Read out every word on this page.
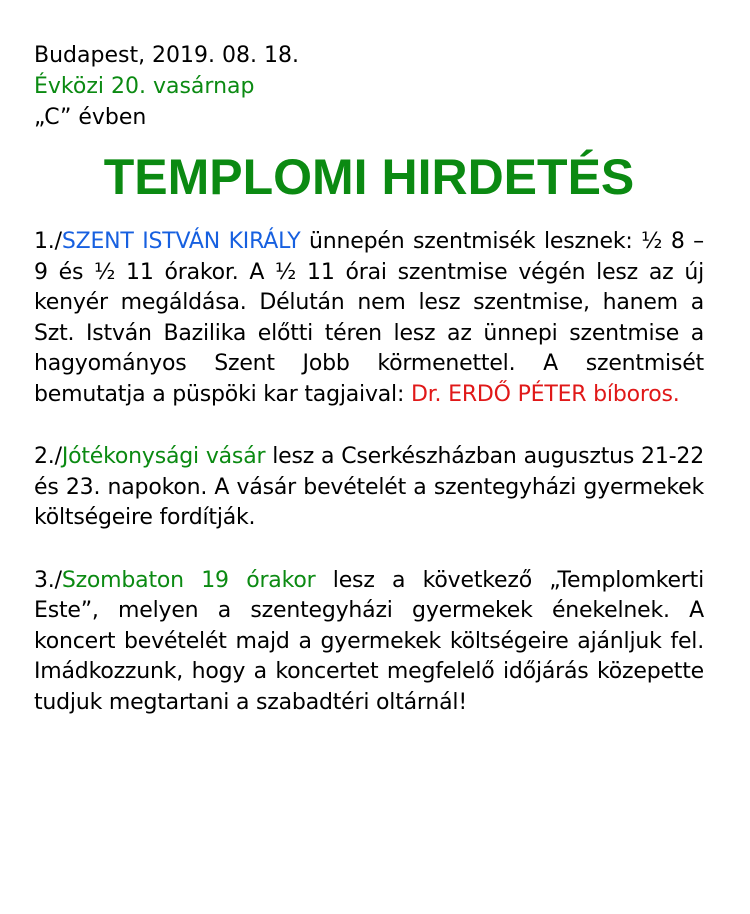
Budapest, 2019. 08. 18.
Évközi 20. vasárnap
„C” évben
TEMPLOMI HIRDETÉS

1./SZENT ISTVÁN KIRÁLY ünnepén szentmisék lesznek: ½ 8 – 9 és ½ 11 órakor. A ½ 11 órai szentmise végén lesz az új kenyér megáldása. Délután nem lesz szentmise, hanem a Szt. István Bazilika előtti téren lesz az ünnepi szentmise a hagyományos Szent Jobb körmenettel. A szentmisét bemutatja a püspöki kar tagjaival: Dr. ERDŐ PÉTER bíboros.

2./Jótékonysági vásár lesz a Cserkészházban augusztus 21-22 és 23. napokon. A vásár bevételét a szentegyházi gyermekek költségeire fordítják.

3./Szombaton 19 órakor lesz a következő „Templomkerti Este”, melyen a szentegyházi gyermekek énekelnek. A koncert bevételét majd a gyermekek költségeire ajánljuk fel. Imádkozzunk, hogy a koncertet megfelelő időjárás közepette tudjuk megtartani a szabadtéri oltárnál!
